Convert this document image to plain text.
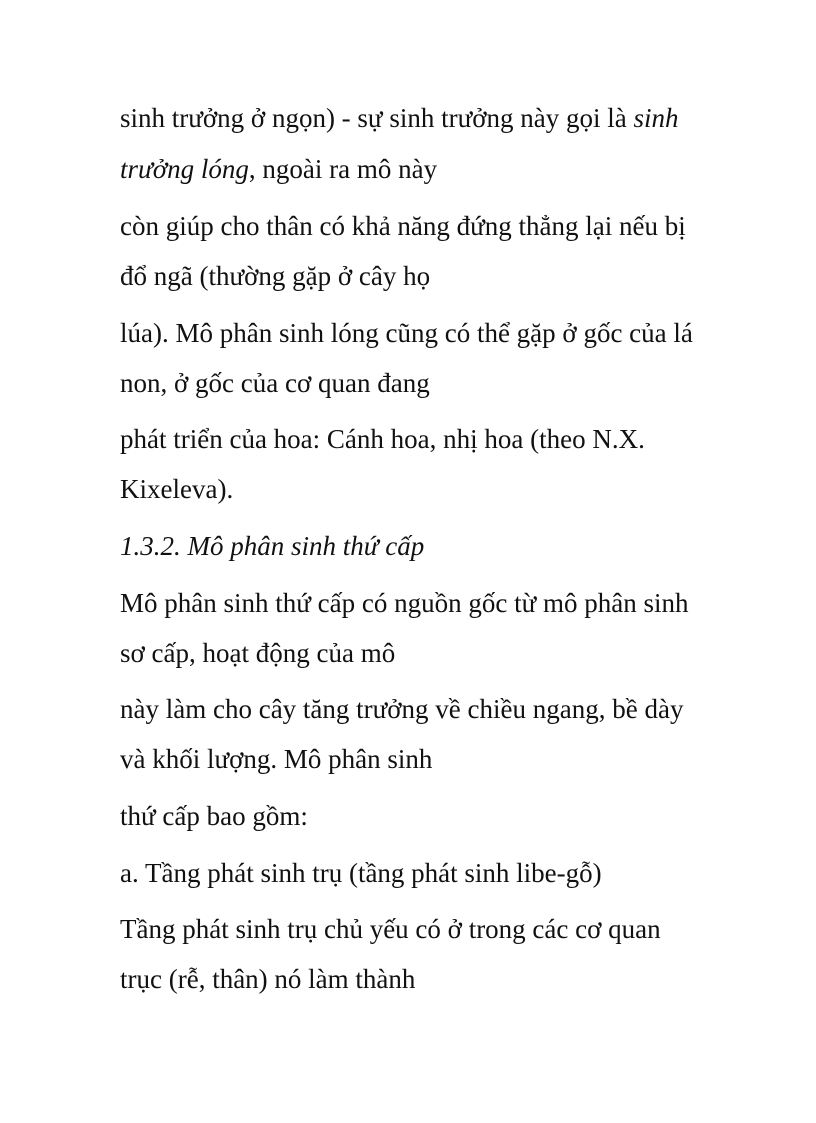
sinh trưởng ở ngọn) - sự sinh trưởng này gọi là sinh

trưởng lóng, ngoài ra mô này

còn giúp cho thân có khả năng đứng thẳng lại nếu bị

đổ ngã (thường gặp ở cây họ

lúa). Mô phân sinh lóng cũng có thể gặp ở gốc của lá

non, ở gốc của cơ quan đang

phát triển của hoa: Cánh hoa, nhị hoa (theo N.X.

Kixeleva).

1.3.2. Mô phân sinh thứ cấp

Mô phân sinh thứ cấp có nguồn gốc từ mô phân sinh

sơ cấp, hoạt động của mô

này làm cho cây tăng trưởng về chiều ngang, bề dày

và khối lượng. Mô phân sinh

thứ cấp bao gồm:

a. Tầng phát sinh trụ (tầng phát sinh libe-gỗ)

Tầng phát sinh trụ chủ yếu có ở trong các cơ quan

trục (rễ, thân) nó làm thành
